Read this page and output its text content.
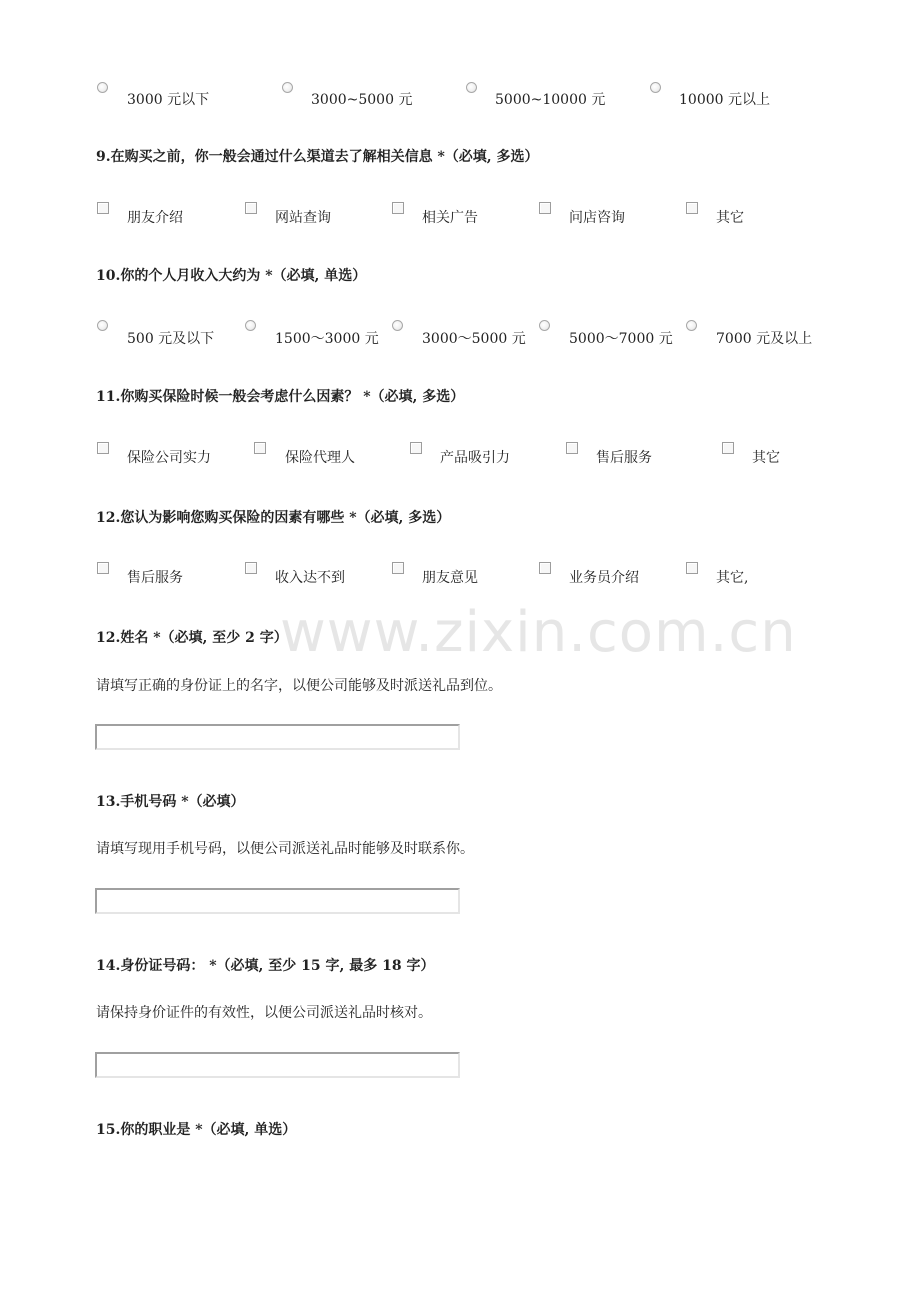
3000 元以下	3000~5000 元	5000~10000 元	10000 元以上
9.在购买之前，你一般会通过什么渠道去了解相关信息 *（必填, 多选）
朋友介绍	网站查询	相关广告	问店咨询	其它
10.你的个人月收入大约为 *（必填, 单选）
500 元及以下	1500～3000 元	3000～5000 元	5000～7000 元	7000 元及以上
11.你购买保险时候一般会考虑什么因素？ *（必填, 多选）
保险公司实力	保险代理人	产品吸引力	售后服务	其它
12.您认为影响您购买保险的因素有哪些 *（必填, 多选）
售后服务	收入达不到	朋友意见	业务员介绍	其它,
www.zixin.com.cn
12.姓名 *（必填, 至少 2 字）
请填写正确的身份证上的名字，以便公司能够及时派送礼品到位。
13.手机号码 *（必填）
请填写现用手机号码，以便公司派送礼品时能够及时联系你。
14.身份证号码： *（必填, 至少 15 字, 最多 18 字）
请保持身价证件的有效性，以便公司派送礼品时核对。
15.你的职业是 *（必填, 单选）
